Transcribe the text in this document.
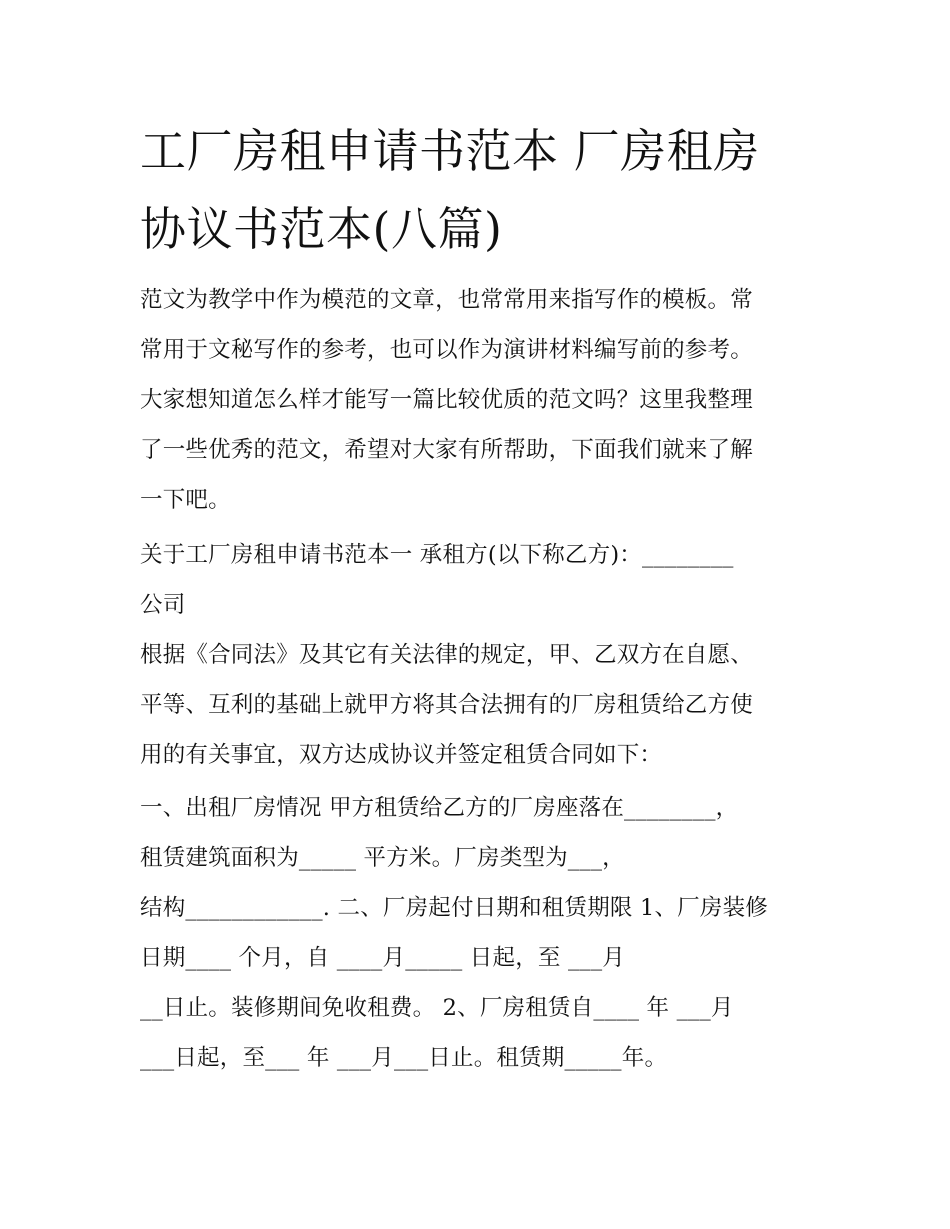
工厂房租申请书范本 厂房租房
协议书范本(八篇)

范文为教学中作为模范的文章，也常常用来指写作的模板。常

常用于文秘写作的参考，也可以作为演讲材料编写前的参考。

大家想知道怎么样才能写一篇比较优质的范文吗？这里我整理

了一些优秀的范文，希望对大家有所帮助，下面我们就来了解

一下吧。

关于工厂房租申请书范本一 承租方(以下称乙方)：________

公司

根据《合同法》及其它有关法律的规定，甲、乙双方在自愿、

平等、互利的基础上就甲方将其合法拥有的厂房租赁给乙方使

用的有关事宜，双方达成协议并签定租赁合同如下：

一、出租厂房情况 甲方租赁给乙方的厂房座落在________，

租赁建筑面积为_____ 平方米。厂房类型为___，

结构____________. 二、厂房起付日期和租赁期限 1、厂房装修

日期____ 个月，自 ____月_____ 日起，至 ___月

__日止。装修期间免收租费。 2、厂房租赁自____ 年 ___月

___日起，至___ 年 ___月___日止。租赁期_____年。
